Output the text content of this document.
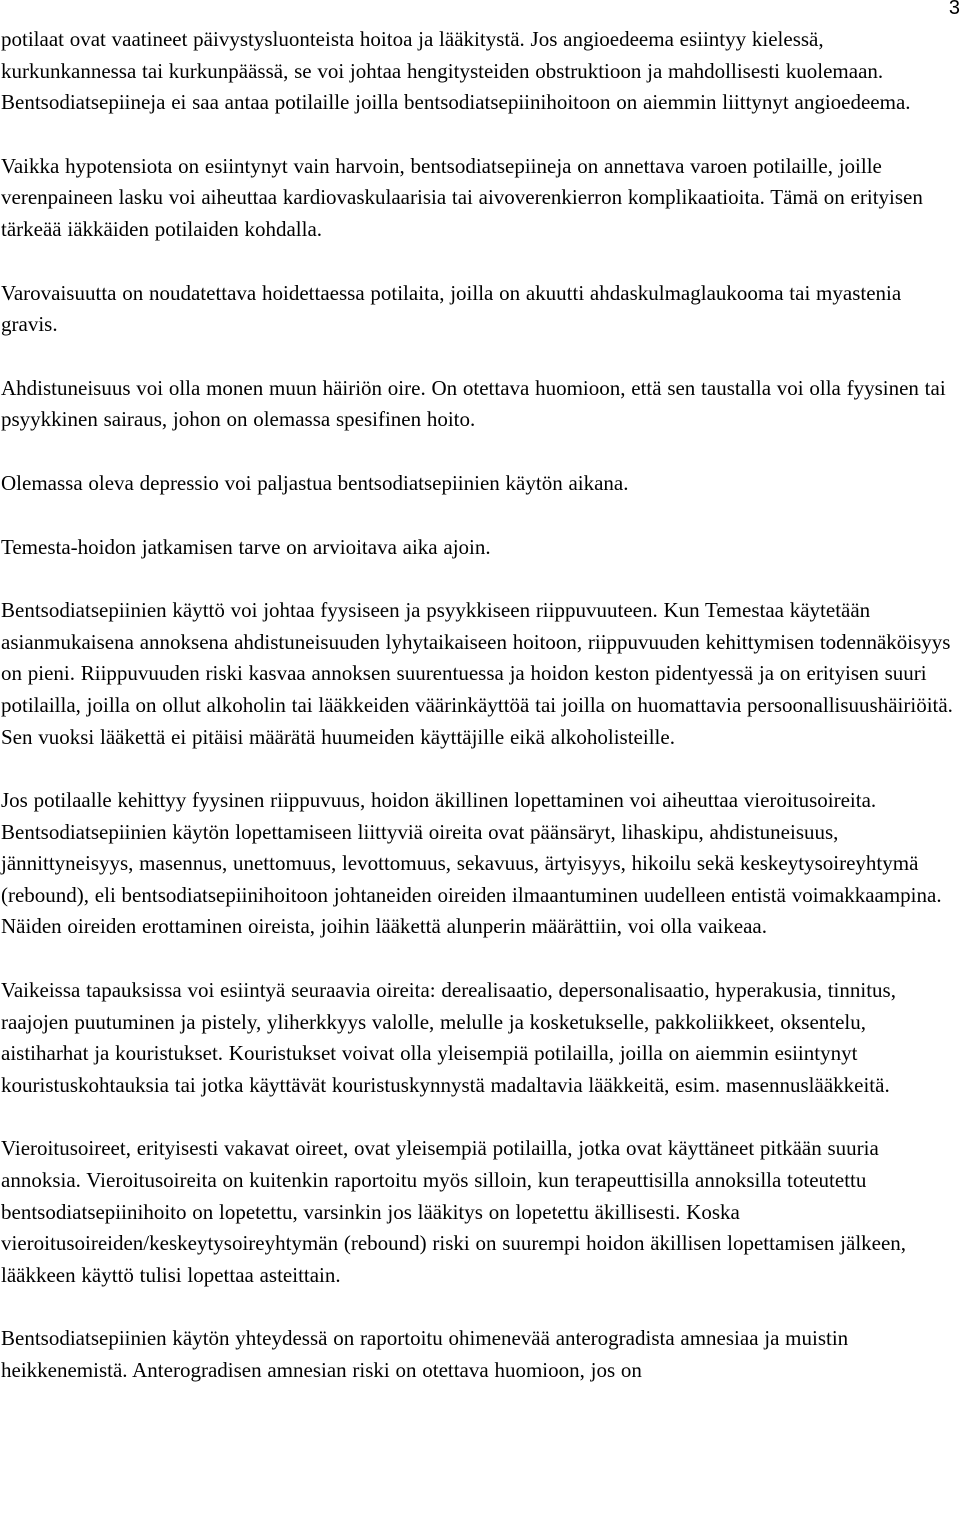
3

potilaat ovat vaatineet päivystysluonteista hoitoa ja lääkitystä. Jos angioedeema esiintyy kielessä, kurkunkannessa tai kurkunpäässä, se voi johtaa hengitysteiden obstruktioon ja mahdollisesti kuolemaan. Bentsodiatsepiineja ei saa antaa potilaille joilla bentsodiatsepiinihoitoon on aiemmin liittynyt angioedeema.

Vaikka hypotensiota on esiintynyt vain harvoin, bentsodiatsepiineja on annettava varoen potilaille, joille verenpaineen lasku voi aiheuttaa kardiovaskulaarisia tai aivoverenkierron komplikaatioita. Tämä on erityisen tärkeää iäkkäiden potilaiden kohdalla.

Varovaisuutta on noudatettava hoidettaessa potilaita, joilla on akuutti ahdaskulmaglaukooma tai myastenia gravis.

Ahdistuneisuus voi olla monen muun häiriön oire. On otettava huomioon, että sen taustalla voi olla fyysinen tai psyykkinen sairaus, johon on olemassa spesifinen hoito.

Olemassa oleva depressio voi paljastua bentsodiatsepiinien käytön aikana.

Temesta-hoidon jatkamisen tarve on arvioitava aika ajoin.

Bentsodiatsepiinien käyttö voi johtaa fyysiseen ja psyykkiseen riippuvuuteen. Kun Temestaa käytetään asianmukaisena annoksena ahdistuneisuuden lyhytaikaiseen hoitoon, riippuvuuden kehittymisen todennäköisyys on pieni. Riippuvuuden riski kasvaa annoksen suurentuessa ja hoidon keston pidentyessä ja on erityisen suuri potilailla, joilla on ollut alkoholin tai lääkkeiden väärinkäyttöä tai joilla on huomattavia persoonallisuushäiriöitä. Sen vuoksi lääkettä ei pitäisi määrätä huumeiden käyttäjille eikä alkoholisteille.

Jos potilaalle kehittyy fyysinen riippuvuus, hoidon äkillinen lopettaminen voi aiheuttaa vieroitusoireita. Bentsodiatsepiinien käytön lopettamiseen liittyviä oireita ovat päänsäryt, lihaskipu, ahdistuneisuus, jännittyneisyys, masennus, unettomuus, levottomuus, sekavuus, ärtyisyys, hikoilu sekä keskeytysoireyhtymä (rebound), eli bentsodiatsepiinihoitoon johtaneiden oireiden ilmaantuminen uudelleen entistä voimakkaampina. Näiden oireiden erottaminen oireista, joihin lääkettä alunperin määrättiin, voi olla vaikeaa.

Vaikeissa tapauksissa voi esiintyä seuraavia oireita: derealisaatio, depersonalisaatio, hyperakusia, tinnitus, raajojen puutuminen ja pistely, yliherkkyys valolle, melulle ja kosketukselle, pakkoliikkeet, oksentelu, aistiharhat ja kouristukset. Kouristukset voivat olla yleisempiä potilailla, joilla on aiemmin esiintynyt kouristuskohtauksia tai jotka käyttävät kouristuskynnystä madaltavia lääkkeitä, esim. masennuslääkkeitä.

Vieroitusoireet, erityisesti vakavat oireet, ovat yleisempiä potilailla, jotka ovat käyttäneet pitkään suuria annoksia. Vieroitusoireita on kuitenkin raportoitu myös silloin, kun terapeuttisilla annoksilla toteutettu bentsodiatsepiinihoito on lopetettu, varsinkin jos lääkitys on lopetettu äkillisesti. Koska vieroitusoireiden/keskeytysoireyhtymän (rebound) riski on suurempi hoidon äkillisen lopettamisen jälkeen, lääkkeen käyttö tulisi lopettaa asteittain.

Bentsodiatsepiinien käytön yhteydessä on raportoitu ohimenevää anterogradista amnesiaa ja muistin heikkenemistä. Anterogradisen amnesian riski on otettava huomioon, jos on
